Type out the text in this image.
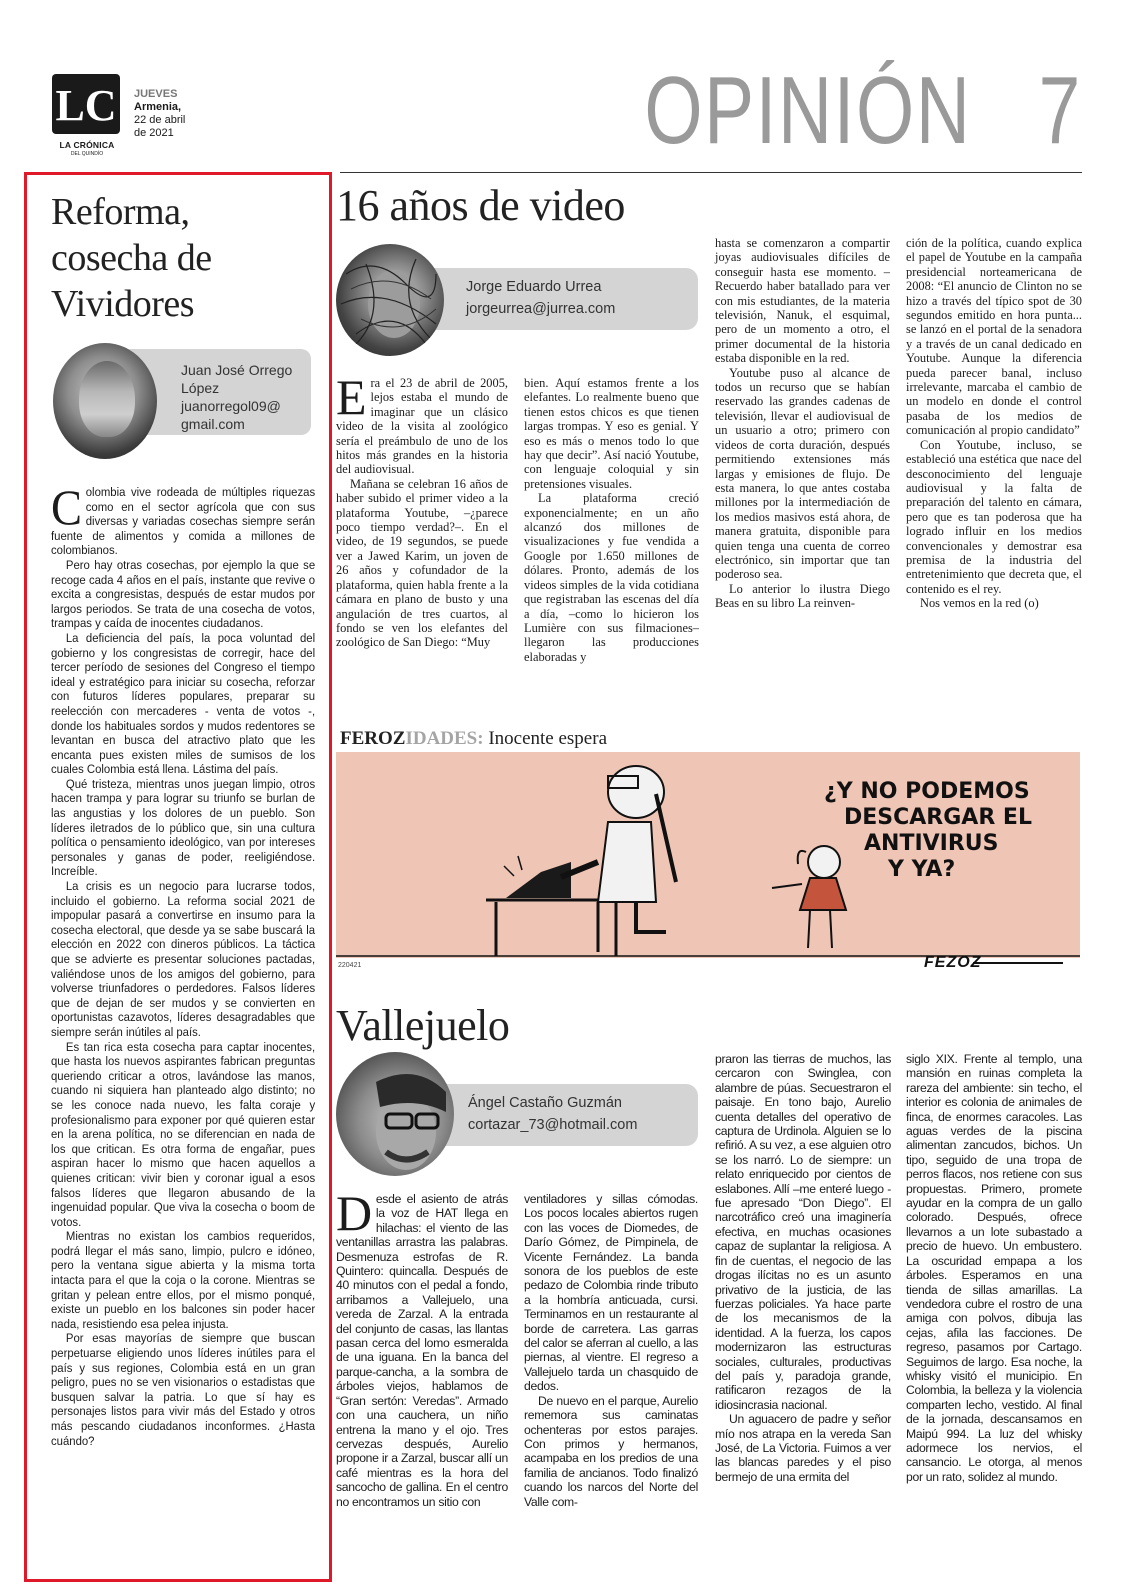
LC
LA CRÓNICA
DEL QUINDÍO
JUEVES
Armenia,
22 de abril
de 2021	OPINIÓN 7
Reforma,
cosecha de
Vividores
Juan José Orrego
López
juanorregol09@
gmail.com

Colombia vive rodeada de múltiples riquezas como en el sector agrícola que con sus diversas y variadas cosechas siempre serán fuente de alimentos y comida a millones de colombianos.

Pero hay otras cosechas, por ejemplo la que se recoge cada 4 años en el país, instante que revive o excita a congresistas, después de estar mudos por largos periodos. Se trata de una cosecha de votos, trampas y caída de inocentes ciudadanos.

La deficiencia del país, la poca voluntad del gobierno y los congresistas de corregir, hace del tercer período de sesiones del Congreso el tiempo ideal y estratégico para iniciar su cosecha, reforzar con futuros líderes populares, preparar su reelección con mercaderes - venta de votos -, donde los habituales sordos y mudos redentores se levantan en busca del atractivo plato que les encanta pues existen miles de sumisos de los cuales Colombia está llena. Lástima del país.

Qué tristeza, mientras unos juegan limpio, otros hacen trampa y para lograr su triunfo se burlan de las angustias y los dolores de un pueblo. Son líderes iletrados de lo público que, sin una cultura política o pensamiento ideológico, van por intereses personales y ganas de poder, reeligiéndose. Increíble.

La crisis es un negocio para lucrarse todos, incluido el gobierno. La reforma social 2021 de impopular pasará a convertirse en insumo para la cosecha electoral, que desde ya se sabe buscará la elección en 2022 con dineros públicos. La táctica que se advierte es presentar soluciones pactadas, valiéndose unos de los amigos del gobierno, para volverse triunfadores o perdedores. Falsos líderes que de dejan de ser mudos y se convierten en oportunistas cazavotos, líderes desagradables que siempre serán inútiles al país.

Es tan rica esta cosecha para captar inocentes, que hasta los nuevos aspirantes fabrican preguntas queriendo criticar a otros, lavándose las manos, cuando ni siquiera han planteado algo distinto; no se les conoce nada nuevo, les falta coraje y profesionalismo para exponer por qué quieren estar en la arena política, no se diferencian en nada de los que critican. Es otra forma de engañar, pues aspiran hacer lo mismo que hacen aquellos a quienes critican: vivir bien y coronar igual a esos falsos líderes que llegaron abusando de la ingenuidad popular. Que viva la cosecha o boom de votos.

Mientras no existan los cambios requeridos, podrá llegar el más sano, limpio, pulcro e idóneo, pero la ventana sigue abierta y la misma torta intacta para el que la coja o la corone. Mientras se gritan y pelean entre ellos, por el mismo ponqué, existe un pueblo en los balcones sin poder hacer nada, resistiendo esa pelea injusta.

Por esas mayorías de siempre que buscan perpetuarse eligiendo unos líderes inútiles para el país y sus regiones, Colombia está en un gran peligro, pues no se ven visionarios o estadistas que busquen salvar la patria. Lo que sí hay es personajes listos para vivir más del Estado y otros más pescando ciudadanos inconformes. ¿Hasta cuándo?

16 años de video
Jorge Eduardo Urrea
jorgeurrea@jurrea.com

Era el 23 de abril de 2005, lejos estaba el mundo de imaginar que un clásico video de la visita al zoológico sería el preámbulo de uno de los hitos más grandes en la historia del audiovisual.

Mañana se celebran 16 años de haber subido el primer video a la plataforma Youtube, –¿parece poco tiempo verdad?–. En el video, de 19 segundos, se puede ver a Jawed Karim, un joven de 26 años y cofundador de la plataforma, quien habla frente a la cámara en plano de busto y una angulación de tres cuartos, al fondo se ven los elefantes del zoológico de San Diego: “Muy

bien. Aquí estamos frente a los elefantes. Lo realmente bueno que tienen estos chicos es que tienen largas trompas. Y eso es genial. Y eso es más o menos todo lo que hay que decir”. Así nació Youtube, con lenguaje coloquial y sin pretensiones visuales.

La plataforma creció exponencialmente; en un año alcanzó dos millones de visualizaciones y fue vendida a Google por 1.650 millones de dólares. Pronto, además de los videos simples de la vida cotidiana que registraban las escenas del día a día, –como lo hicieron los Lumière con sus filmaciones– llegaron las producciones elaboradas y

hasta se comenzaron a compartir joyas audiovisuales difíciles de conseguir hasta ese momento. –Recuerdo haber batallado para ver con mis estudiantes, de la materia televisión, Nanuk, el esquimal, pero de un momento a otro, el primer documental de la historia estaba disponible en la red.

Youtube puso al alcance de todos un recurso que se habían reservado las grandes cadenas de televisión, llevar el audiovisual de un usuario a otro; primero con videos de corta duración, después permitiendo extensiones más largas y emisiones de flujo. De esta manera, lo que antes costaba millones por la intermediación de los medios masivos está ahora, de manera gratuita, disponible para quien tenga una cuenta de correo electrónico, sin importar que tan poderoso sea.

Lo anterior lo ilustra Diego Beas en su libro La reinven-

ción de la política, cuando explica el papel de Youtube en la campaña presidencial norteamericana de 2008: “El anuncio de Clinton no se hizo a través del típico spot de 30 segundos emitido en hora punta... se lanzó en el portal de la senadora y a través de un canal dedicado en Youtube. Aunque la diferencia pueda parecer banal, incluso irrelevante, marcaba el cambio de un modelo en donde el control pasaba de los medios de comunicación al propio candidato”

Con Youtube, incluso, se estableció una estética que nace del desconocimiento del lenguaje audiovisual y la falta de preparación del talento en cámara, pero que es tan poderosa que ha logrado influir en los medios convencionales y demostrar esa premisa de la industria del entretenimiento que decreta que, el contenido es el rey.

Nos vemos en la red (o)

FEROZIDADES: Inocente espera
¿Y NO PODEMOS DESCARGAR EL ANTIVIRUS Y YA?
220421	FEZOZ
Vallejuelo
Ángel Castaño Guzmán
cortazar_73@hotmail.com

Desde el asiento de atrás la voz de HAT llega en hilachas: el viento de las ventanillas arrastra las palabras. Desmenuza estrofas de R. Quintero: quincalla. Después de 40 minutos con el pedal a fondo, arribamos a Vallejuelo, una vereda de Zarzal. A la entrada del conjunto de casas, las llantas pasan cerca del lomo esmeralda de una iguana. En la banca del parque-cancha, a la sombra de árboles viejos, hablamos de “Gran sertón: Veredas”. Armado con una cauchera, un niño entrena la mano y el ojo. Tres cervezas después, Aurelio propone ir a Zarzal, buscar allí un café mientras es la hora del sancocho de gallina. En el centro no encontramos un sitio con

ventiladores y sillas cómodas. Los pocos locales abiertos rugen con las voces de Diomedes, de Darío Gómez, de Pimpinela, de Vicente Fernández. La banda sonora de los pueblos de este pedazo de Colombia rinde tributo a la hombría anticuada, cursi. Terminamos en un restaurante al borde de carretera. Las garras del calor se aferran al cuello, a las piernas, al vientre. El regreso a Vallejuelo tarda un chasquido de dedos.

De nuevo en el parque, Aurelio rememora sus caminatas ochenteras por estos parajes. Con primos y hermanos, acampaba en los predios de una familia de ancianos. Todo finalizó cuando los narcos del Norte del Valle com-

praron las tierras de muchos, las cercaron con Swinglea, con alambre de púas. Secuestraron el paisaje. En tono bajo, Aurelio cuenta detalles del operativo de captura de Urdinola. Alguien se lo refirió. A su vez, a ese alguien otro se los narró. Lo de siempre: un relato enriquecido por cientos de eslabones. Allí –me enteré luego - fue apresado “Don Diego”. El narcotráfico creó una imaginería efectiva, en muchas ocasiones capaz de suplantar la religiosa. A fin de cuentas, el negocio de las drogas ilícitas no es un asunto privativo de la justicia, de las fuerzas policiales. Ya hace parte de los mecanismos de la identidad. A la fuerza, los capos modernizaron las estructuras sociales, culturales, productivas del país y, paradoja grande, ratificaron rezagos de la idiosincrasia nacional.

Un aguacero de padre y señor mío nos atrapa en la vereda San José, de La Victoria. Fuimos a ver las blancas paredes y el piso bermejo de una ermita del

siglo XIX. Frente al templo, una mansión en ruinas completa la rareza del ambiente: sin techo, el interior es colonia de animales de finca, de enormes caracoles. Las aguas verdes de la piscina alimentan zancudos, bichos. Un tipo, seguido de una tropa de perros flacos, nos retiene con sus propuestas. Primero, promete ayudar en la compra de un gallo colorado. Después, ofrece llevarnos a un lote subastado a precio de huevo. Un embustero. La oscuridad empapa a los árboles. Esperamos en una tienda de sillas amarillas. La vendedora cubre el rostro de una amiga con polvos, dibuja las cejas, afila las facciones. De regreso, pasamos por Cartago. Seguimos de largo. Esa noche, la whisky visitó el municipio. En Colombia, la belleza y la violencia comparten lecho, vestido. Al final de la jornada, descansamos en Maipú 994. La luz del whisky adormece los nervios, el cansancio. Le otorga, al menos por un rato, solidez al mundo.
